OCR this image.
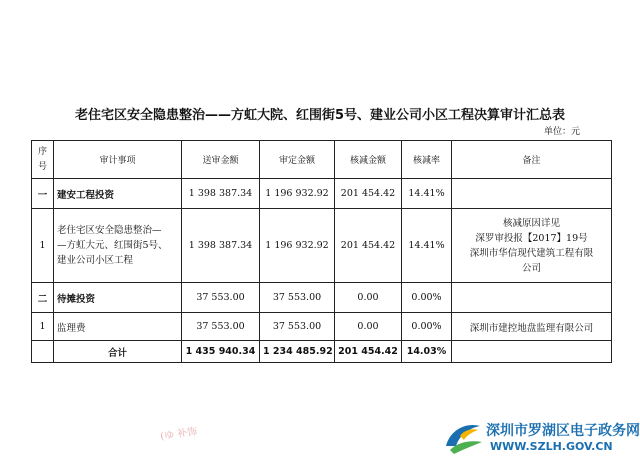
老住宅区安全隐患整治——方虹大院、红围街5号、建业公司小区工程决算审计汇总表
单位：元
序
号	审计事项	送审金额	审定金额	核减金额	核减率	备注
一	建安工程投资	1 398 387.34	1 196 932.92	201 454.42	14.41%	
1	老住宅区安全隐患整治—
—方虹大元、红围街5号、
建业公司小区工程	1 398 387.34	1 196 932.92	201 454.42	14.41%	核减原因详见
深罗审投报【2017】19号
深圳市华信现代建筑工程有限
公司

二	待摊投资	37 553.00	37 553.00	0.00	0.00%	
1	监理费	37 553.00	37 553.00	0.00	0.00%	深圳市建控地盘监理有限公司
	合计	1 435 940.34	1 234 485.92	201 454.42	14.03%	
(ゆ 补饰	深圳市罗湖区电子政务网
WWW.SZLH.GOV.CN
